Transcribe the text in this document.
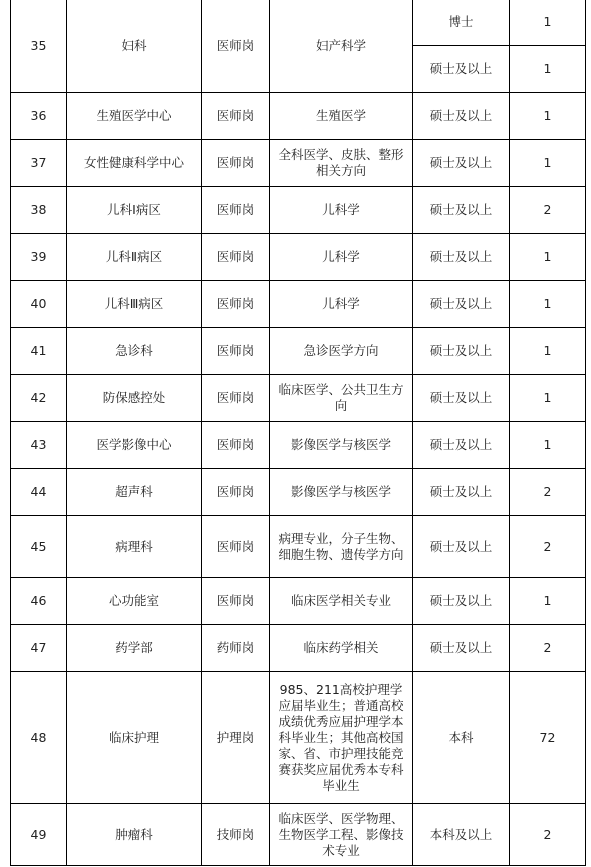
35	妇科	医师岗	妇产科学	博士	1
				硕士及以上	1
36	生殖医学中心	医师岗	生殖医学	硕士及以上	1
37	女性健康科学中心	医师岗	全科医学、皮肤、整形相关方向	硕士及以上	1
38	儿科Ⅰ病区	医师岗	儿科学	硕士及以上	2
39	儿科Ⅱ病区	医师岗	儿科学	硕士及以上	1
40	儿科Ⅲ病区	医师岗	儿科学	硕士及以上	1
41	急诊科	医师岗	急诊医学方向	硕士及以上	1
42	防保感控处	医师岗	临床医学、公共卫生方向	硕士及以上	1
43	医学影像中心	医师岗	影像医学与核医学	硕士及以上	1
44	超声科	医师岗	影像医学与核医学	硕士及以上	2
45	病理科	医师岗	病理专业，分子生物、细胞生物、遗传学方向	硕士及以上	2
46	心功能室	医师岗	临床医学相关专业	硕士及以上	1
47	药学部	药师岗	临床药学相关	硕士及以上	2
48	临床护理	护理岗	985、211高校护理学应届毕业生；普通高校成绩优秀应届护理学本科毕业生；其他高校国家、省、市护理技能竞赛获奖应届优秀本专科毕业生	本科	72
49	肿瘤科	技师岗	临床医学、医学物理、生物医学工程、影像技术专业	本科及以上	2
